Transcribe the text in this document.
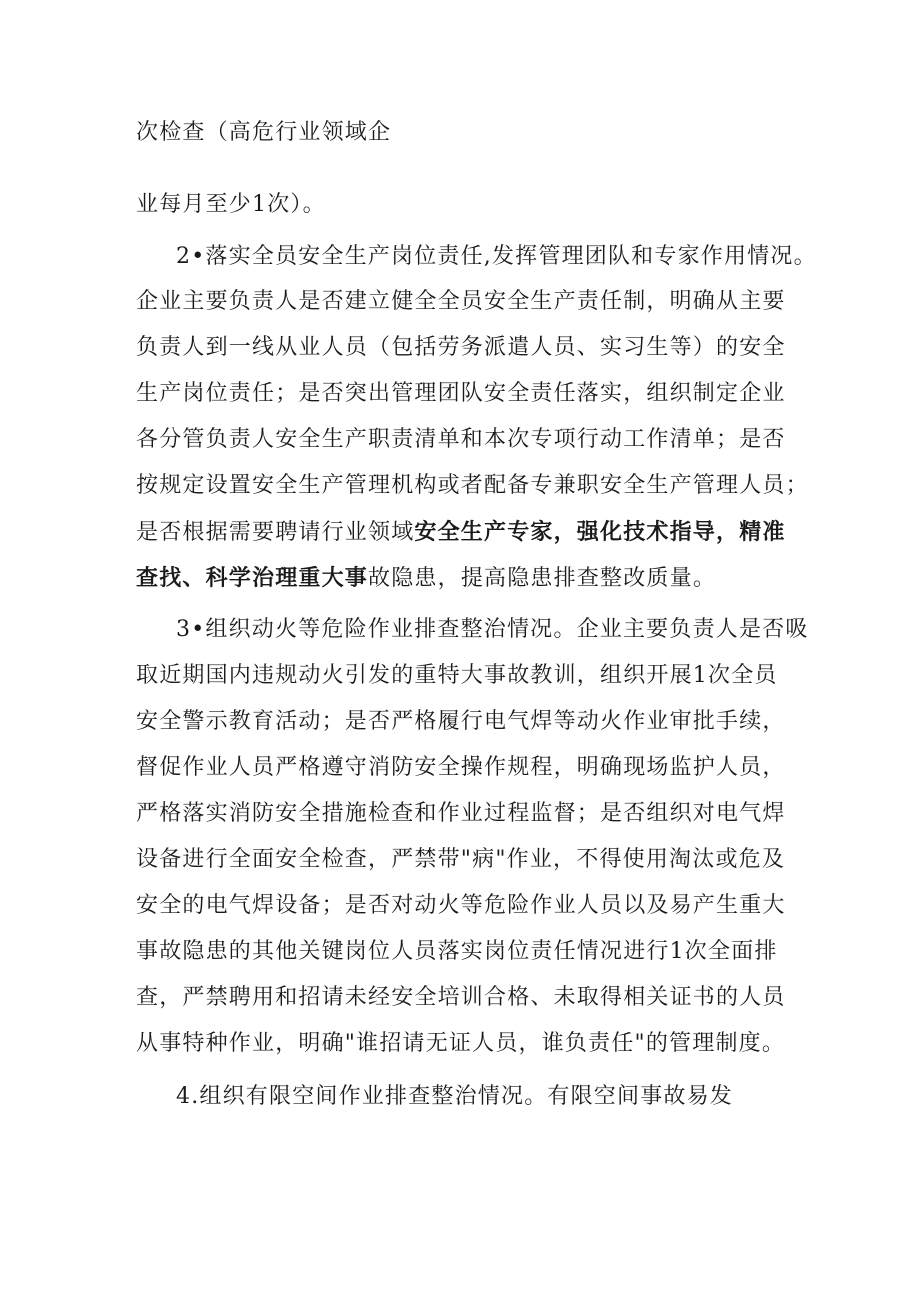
次检查（高危行业领域企
业每月至少1次）。
2•落实全员安全生产岗位责任,发挥管理团队和专家作用情况。
企业主要负责人是否建立健全全员安全生产责任制，明确从主要
负责人到一线从业人员（包括劳务派遣人员、实习生等）的安全
生产岗位责任；是否突出管理团队安全责任落实，组织制定企业
各分管负责人安全生产职责清单和本次专项行动工作清单；是否
按规定设置安全生产管理机构或者配备专兼职安全生产管理人员；
是否根据需要聘请行业领域安全生产专家，强化技术指导，精准
查找、科学治理重大事故隐患，提高隐患排查整改质量。
3•组织动火等危险作业排查整治情况。企业主要负责人是否吸
取近期国内违规动火引发的重特大事故教训，组织开展1次全员
安全警示教育活动；是否严格履行电气焊等动火作业审批手续，
督促作业人员严格遵守消防安全操作规程，明确现场监护人员，
严格落实消防安全措施检查和作业过程监督；是否组织对电气焊
设备进行全面安全检查，严禁带"病"作业，不得使用淘汰或危及
安全的电气焊设备；是否对动火等危险作业人员以及易产生重大
事故隐患的其他关键岗位人员落实岗位责任情况进行1次全面排
查，严禁聘用和招请未经安全培训合格、未取得相关证书的人员
从事特种作业，明确"谁招请无证人员，谁负责任"的管理制度。
4.组织有限空间作业排查整治情况。有限空间事故易发
